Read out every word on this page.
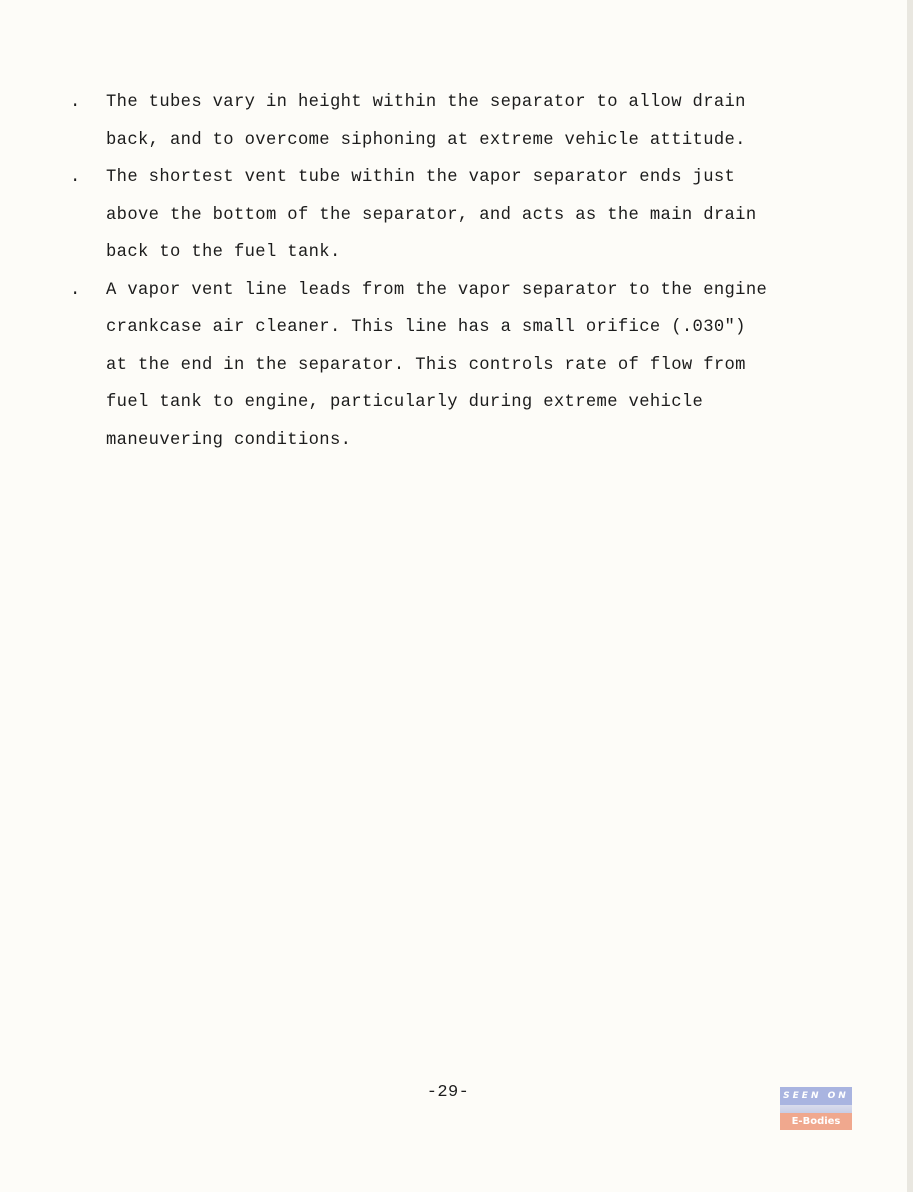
. The tubes vary in height within the separator to allow drain
back, and to overcome siphoning at extreme vehicle attitude.
. The shortest vent tube within the vapor separator ends just
above the bottom of the separator, and acts as the main drain
back to the fuel tank.
. A vapor vent line leads from the vapor separator to the engine
crankcase air cleaner. This line has a small orifice (.030")
at the end in the separator. This controls rate of flow from
fuel tank to engine, particularly during extreme vehicle
maneuvering conditions.
-29-	SEEN ON
E-Bodies
